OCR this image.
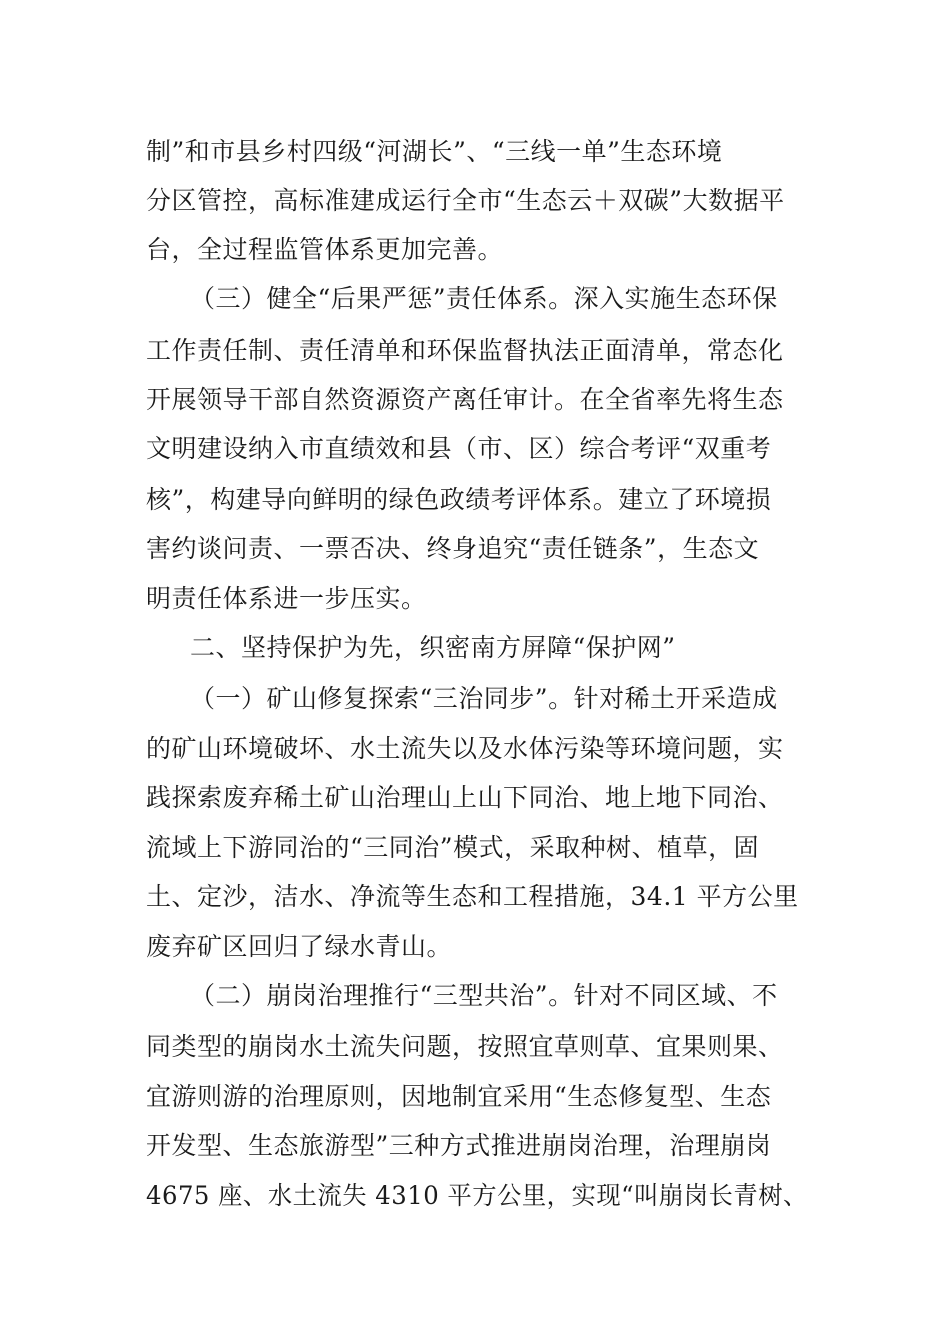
制”和市县乡村四级“河湖长”、“三线一单”生态环境
分区管控，高标准建成运行全市“生态云＋双碳”大数据平
台，全过程监管体系更加完善。
（三）健全“后果严惩”责任体系。深入实施生态环保
工作责任制、责任清单和环保监督执法正面清单，常态化
开展领导干部自然资源资产离任审计。在全省率先将生态
文明建设纳入市直绩效和县（市、区）综合考评“双重考
核”，构建导向鲜明的绿色政绩考评体系。建立了环境损
害约谈问责、一票否决、终身追究“责任链条”，生态文
明责任体系进一步压实。
二、坚持保护为先，织密南方屏障“保护网”
（一）矿山修复探索“三治同步”。针对稀土开采造成
的矿山环境破坏、水土流失以及水体污染等环境问题，实
践探索废弃稀土矿山治理山上山下同治、地上地下同治、
流域上下游同治的“三同治”模式，采取种树、植草，固
土、定沙，洁水、净流等生态和工程措施，34.1 平方公里
废弃矿区回归了绿水青山。
（二）崩岗治理推行“三型共治”。针对不同区域、不
同类型的崩岗水土流失问题，按照宜草则草、宜果则果、
宜游则游的治理原则，因地制宜采用“生态修复型、生态
开发型、生态旅游型”三种方式推进崩岗治理，治理崩岗
4675 座、水土流失 4310 平方公里，实现“叫崩岗长青树、
